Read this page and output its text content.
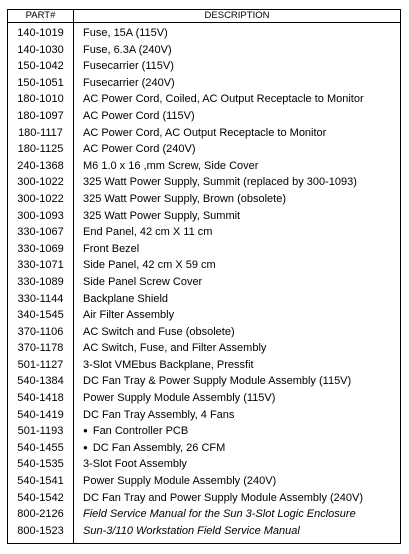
PART#	DESCRIPTION
140-1019
140-1030
150-1042
150-1051
180-1010
180-1097
180-1117
180-1125
240-1368
300-1022
300-1022
300-1093
330-1067
330-1069
330-1071
330-1089
330-1144
340-1545
370-1106
370-1178
501-1127
540-1384
540-1418
540-1419
501-1193
540-1455
540-1535
540-1541
540-1542
800-2126
800-1523
Fuse, 15A (115V)
Fuse, 6.3A (240V)
Fusecarrier (115V)
Fusecarrier (240V)
AC Power Cord, Coiled, AC Output Receptacle to Monitor
AC Power Cord (115V)
AC Power Cord, AC Output Receptacle to Monitor
AC Power Cord (240V)
M6 1.0 x 16 ,mm Screw, Side Cover
325 Watt Power Supply, Summit (replaced by 300-1093)
325 Watt Power Supply, Brown (obsolete)
325 Watt Power Supply, Summit
End Panel, 42 cm X 11 cm
Front Bezel
Side Panel, 42 cm X 59 cm
Side Panel Screw Cover
Backplane Shield
Air Filter Assembly
AC Switch and Fuse (obsolete)
AC Switch, Fuse, and Filter Assembly
3-Slot VMEbus Backplane, Pressfit
DC Fan Tray & Power Supply Module Assembly (115V)
Power Supply Module Assembly (115V)
DC Fan Tray Assembly, 4 Fans
● Fan Controller PCB
● DC Fan Assembly, 26 CFM
3-Slot Foot Assembly
Power Supply Module Assembly (240V)
DC Fan Tray and Power Supply Module Assembly (240V)
Field Service Manual for the Sun 3-Slot Logic Enclosure
Sun-3/110 Workstation Field Service Manual
